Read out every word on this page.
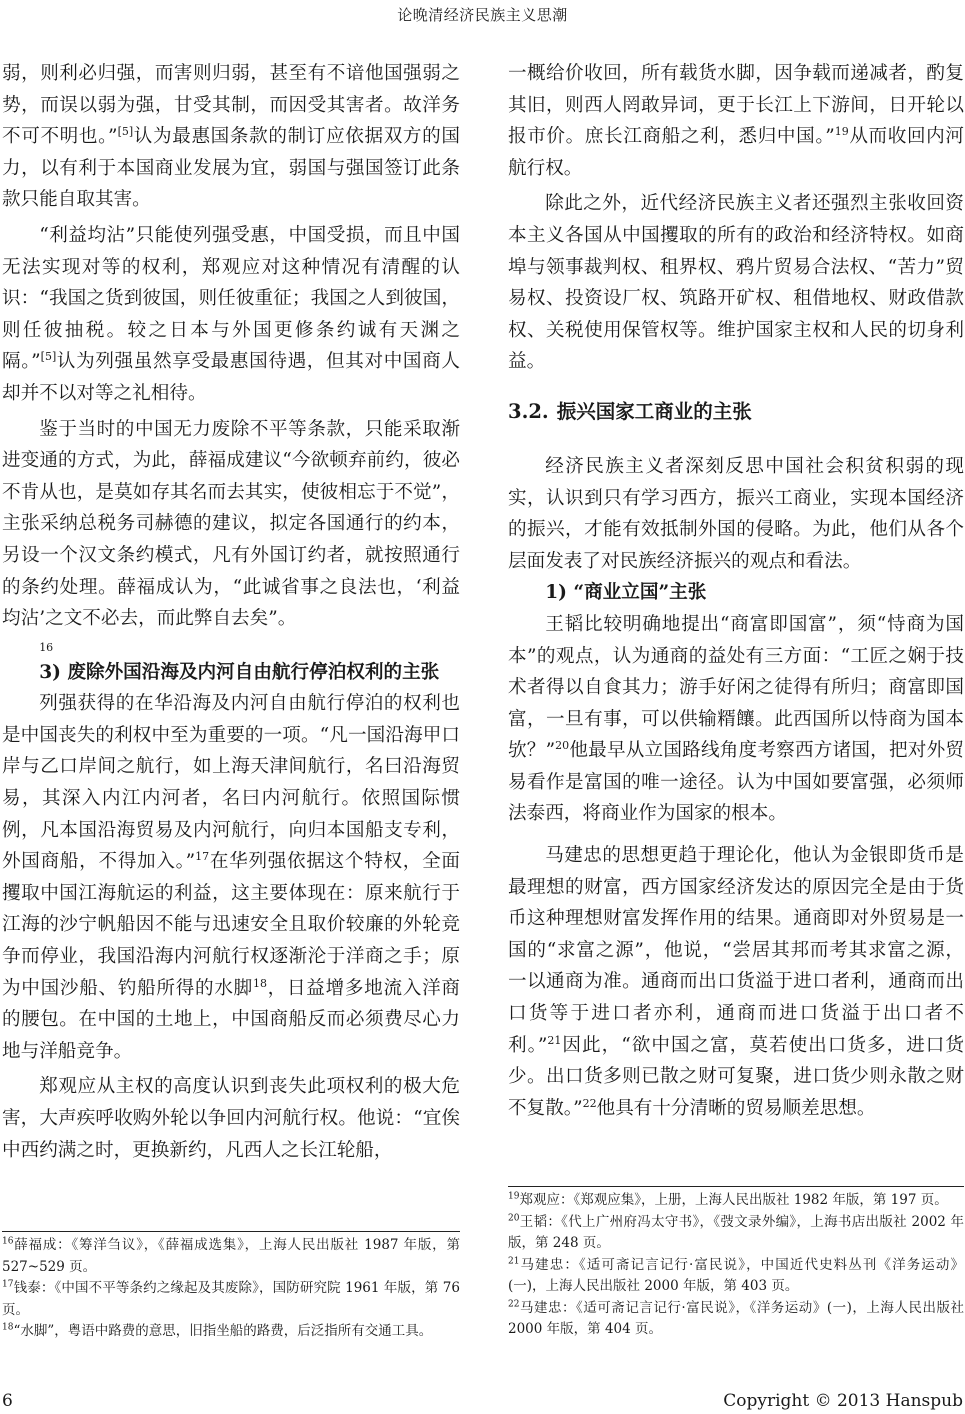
论晚清经济民族主义思潮

弱，则利必归强，而害则归弱，甚至有不谙他国强弱之势，而误以弱为强，甘受其制，而因受其害者。故洋务不可不明也。”[5]认为最惠国条款的制订应依据双方的国力，以有利于本国商业发展为宜，弱国与强国签订此条款只能自取其害。

“利益均沾”只能使列强受惠，中国受损，而且中国无法实现对等的权利，郑观应对这种情况有清醒的认识：“我国之货到彼国，则任彼重征；我国之人到彼国，则任彼抽税。较之日本与外国更修条约诚有天渊之隔。”[5]认为列强虽然享受最惠国待遇，但其对中国商人却并不以对等之礼相待。

鉴于当时的中国无力废除不平等条款，只能采取渐进变通的方式，为此，薛福成建议“今欲顿弃前约，彼必不肯从也，是莫如存其名而去其实，使彼相忘于不觉”，主张采纳总税务司赫德的建议，拟定各国通行的约本，另设一个汉文条约模式，凡有外国订约者，就按照通行的条约处理。薛福成认为，“此诚省事之良法也，‘利益均沾’之文不必去，而此弊自去矣”。
16

3) 废除外国沿海及内河自由航行停泊权利的主张

列强获得的在华沿海及内河自由航行停泊的权利也是中国丧失的利权中至为重要的一项。“凡一国沿海甲口岸与乙口岸间之航行，如上海天津间航行，名曰沿海贸易，其深入内江内河者，名曰内河航行。依照国际惯例，凡本国沿海贸易及内河航行，向归本国船支专利，外国商船，不得加入。”$^{17}$在华列强依据这个特权，全面攫取中国江海航运的利益，这主要体现在：原来航行于江海的沙宁帆船因不能与迅速安全且取价较廉的外轮竞争而停业，我国沿海内河航行权逐渐沦于洋商之手；原为中国沙船、钓船所得的水脚$^{18}$，日益增多地流入洋商的腰包。在中国的土地上，中国商船反而必须费尽心力地与洋船竞争。

郑观应从主权的高度认识到丧失此项权利的极大危害，大声疾呼收购外轮以争回内河航行权。他说：“宜俟中西约满之时，更换新约，凡西人之长江轮船，

一概给价收回，所有载货水脚，因争载而递减者，酌复其旧，则西人罔敢异词，更于长江上下游间，日开轮以报市价。庶长江商船之利，悉归中国。”$^{19}$从而收回内河航行权。

除此之外，近代经济民族主义者还强烈主张收回资本主义各国从中国攫取的所有的政治和经济特权。如商埠与领事裁判权、租界权、鸦片贸易合法权、“苦力”贸易权、投资设厂权、筑路开矿权、租借地权、财政借款权、关税使用保管权等。维护国家主权和人民的切身利益。

3.2. 振兴国家工商业的主张

经济民族主义者深刻反思中国社会积贫积弱的现实，认识到只有学习西方，振兴工商业，实现本国经济的振兴，才能有效抵制外国的侵略。为此，他们从各个层面发表了对民族经济振兴的观点和看法。

1) “商业立国”主张

王韬比较明确地提出“商富即国富”，须“恃商为国本”的观点，认为通商的益处有三方面：“工匠之娴于技术者得以自食其力；游手好闲之徒得有所归；商富即国富，一旦有事，可以供输糈饟。此西国所以恃商为国本欤？”$^{20}$他最早从立国路线角度考察西方诸国，把对外贸易看作是富国的唯一途径。认为中国如要富强，必须师法泰西，将商业作为国家的根本。

马建忠的思想更趋于理论化，他认为金银即货币是最理想的财富，西方国家经济发达的原因完全是由于货币这种理想财富发挥作用的结果。通商即对外贸易是一国的“求富之源”，他说，“尝居其邦而考其求富之源，一以通商为准。通商而出口货溢于进口者利，通商而出口货等于进口者亦利，通商而进口货溢于出口者不利。”$^{21}$因此，“欲中国之富，莫若使出口货多，进口货少。出口货多则已散之财可复聚，进口货少则永散之财不复散。”$^{22}$他具有十分清晰的贸易顺差思想。

$^{16}$薛福成：《筹洋刍议》，《薛福成选集》，上海人民出版社 1987 年版，第 527~529 页。
$^{17}$钱泰：《中国不平等条约之缘起及其废除》，国防研究院 1961 年版，第 76 页。
$^{18}$“水脚”，粤语中路费的意思，旧指坐船的路费，后泛指所有交通工具。
$^{19}$郑观应：《郑观应集》，上册，上海人民出版社 1982 年版，第 197 页。
$^{20}$王韬：《代上广州府冯太守书》，《弢文录外编》，上海书店出版社 2002 年版，第 248 页。
$^{21}$马建忠：《适可斋记言记行·富民说》，中国近代史料丛刊《洋务运动》(一)，上海人民出版社 2000 年版，第 403 页。
$^{22}$马建忠：《适可斋记言记行·富民说》，《洋务运动》(一)，上海人民出版社 2000 年版，第 404 页。
6	Copyright © 2013 Hanspub
